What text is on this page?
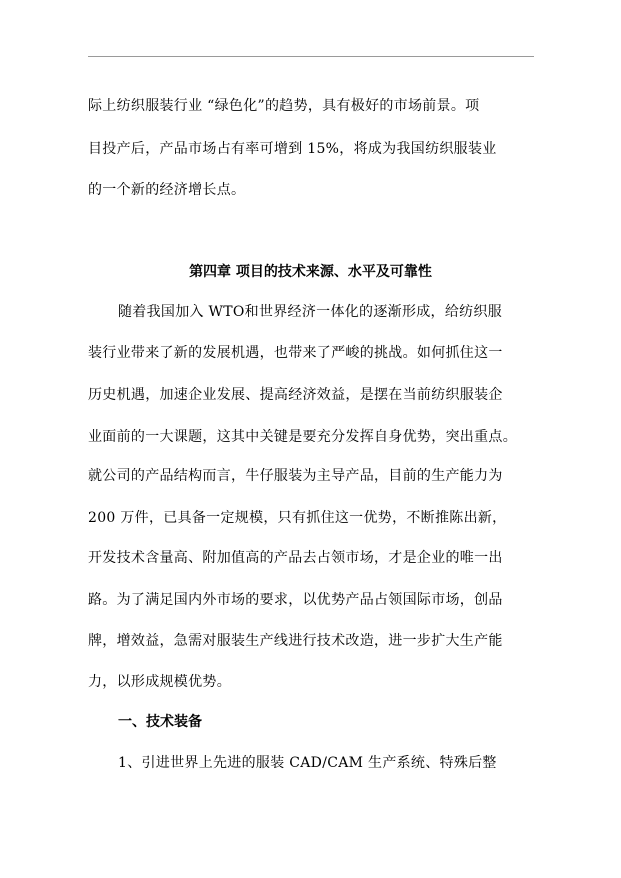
际上纺织服装行业 “绿色化”的趋势，具有极好的市场前景。项
目投产后，产品市场占有率可增到 15%，将成为我国纺织服装业
的一个新的经济增长点。
第四章 项目的技术来源、水平及可靠性
随着我国加入 WTO和世界经济一体化的逐渐形成，给纺织服
装行业带来了新的发展机遇，也带来了严峻的挑战。如何抓住这一
历史机遇，加速企业发展、提高经济效益，是摆在当前纺织服装企
业面前的一大课题，这其中关键是要充分发挥自身优势，突出重点。
就公司的产品结构而言，牛仔服装为主导产品，目前的生产能力为
200 万件，已具备一定规模，只有抓住这一优势，不断推陈出新，
开发技术含量高、附加值高的产品去占领市场，才是企业的唯一出
路。为了满足国内外市场的要求，以优势产品占领国际市场，创品
牌，增效益，急需对服装生产线进行技术改造，进一步扩大生产能
力，以形成规模优势。
一、技术装备
1、引进世界上先进的服装 CAD/CAM 生产系统、特殊后整
